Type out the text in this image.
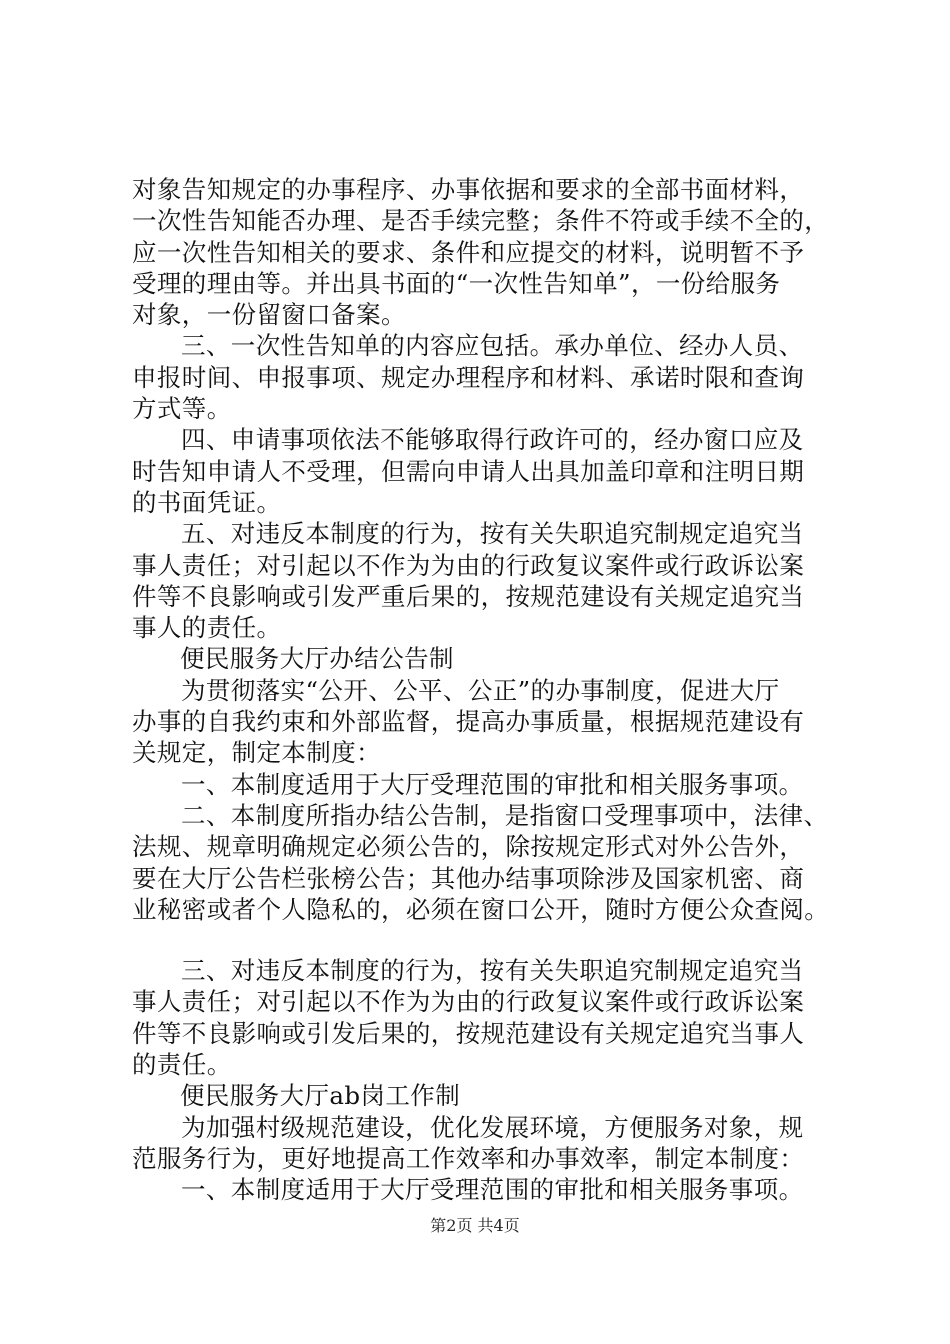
对象告知规定的办事程序、办事依据和要求的全部书面材料，
一次性告知能否办理、是否手续完整；条件不符或手续不全的，
应一次性告知相关的要求、条件和应提交的材料，说明暂不予
受理的理由等。并出具书面的“一次性告知单”，一份给服务
对象，一份留窗口备案。
三、一次性告知单的内容应包括。承办单位、经办人员、
申报时间、申报事项、规定办理程序和材料、承诺时限和查询
方式等。
四、申请事项依法不能够取得行政许可的，经办窗口应及
时告知申请人不受理，但需向申请人出具加盖印章和注明日期
的书面凭证。
五、对违反本制度的行为，按有关失职追究制规定追究当
事人责任；对引起以不作为为由的行政复议案件或行政诉讼案
件等不良影响或引发严重后果的，按规范建设有关规定追究当
事人的责任。
便民服务大厅办结公告制
为贯彻落实“公开、公平、公正”的办事制度，促进大厅
办事的自我约束和外部监督，提高办事质量，根据规范建设有
关规定，制定本制度：
一、本制度适用于大厅受理范围的审批和相关服务事项。
二、本制度所指办结公告制，是指窗口受理事项中，法律、
法规、规章明确规定必须公告的，除按规定形式对外公告外，
要在大厅公告栏张榜公告；其他办结事项除涉及国家机密、商
业秘密或者个人隐私的，必须在窗口公开，随时方便公众查阅。
三、对违反本制度的行为，按有关失职追究制规定追究当
事人责任；对引起以不作为为由的行政复议案件或行政诉讼案
件等不良影响或引发后果的，按规范建设有关规定追究当事人
的责任。
便民服务大厅ab岗工作制
为加强村级规范建设，优化发展环境，方便服务对象，规
范服务行为，更好地提高工作效率和办事效率，制定本制度：
一、本制度适用于大厅受理范围的审批和相关服务事项。
第2页 共4页
